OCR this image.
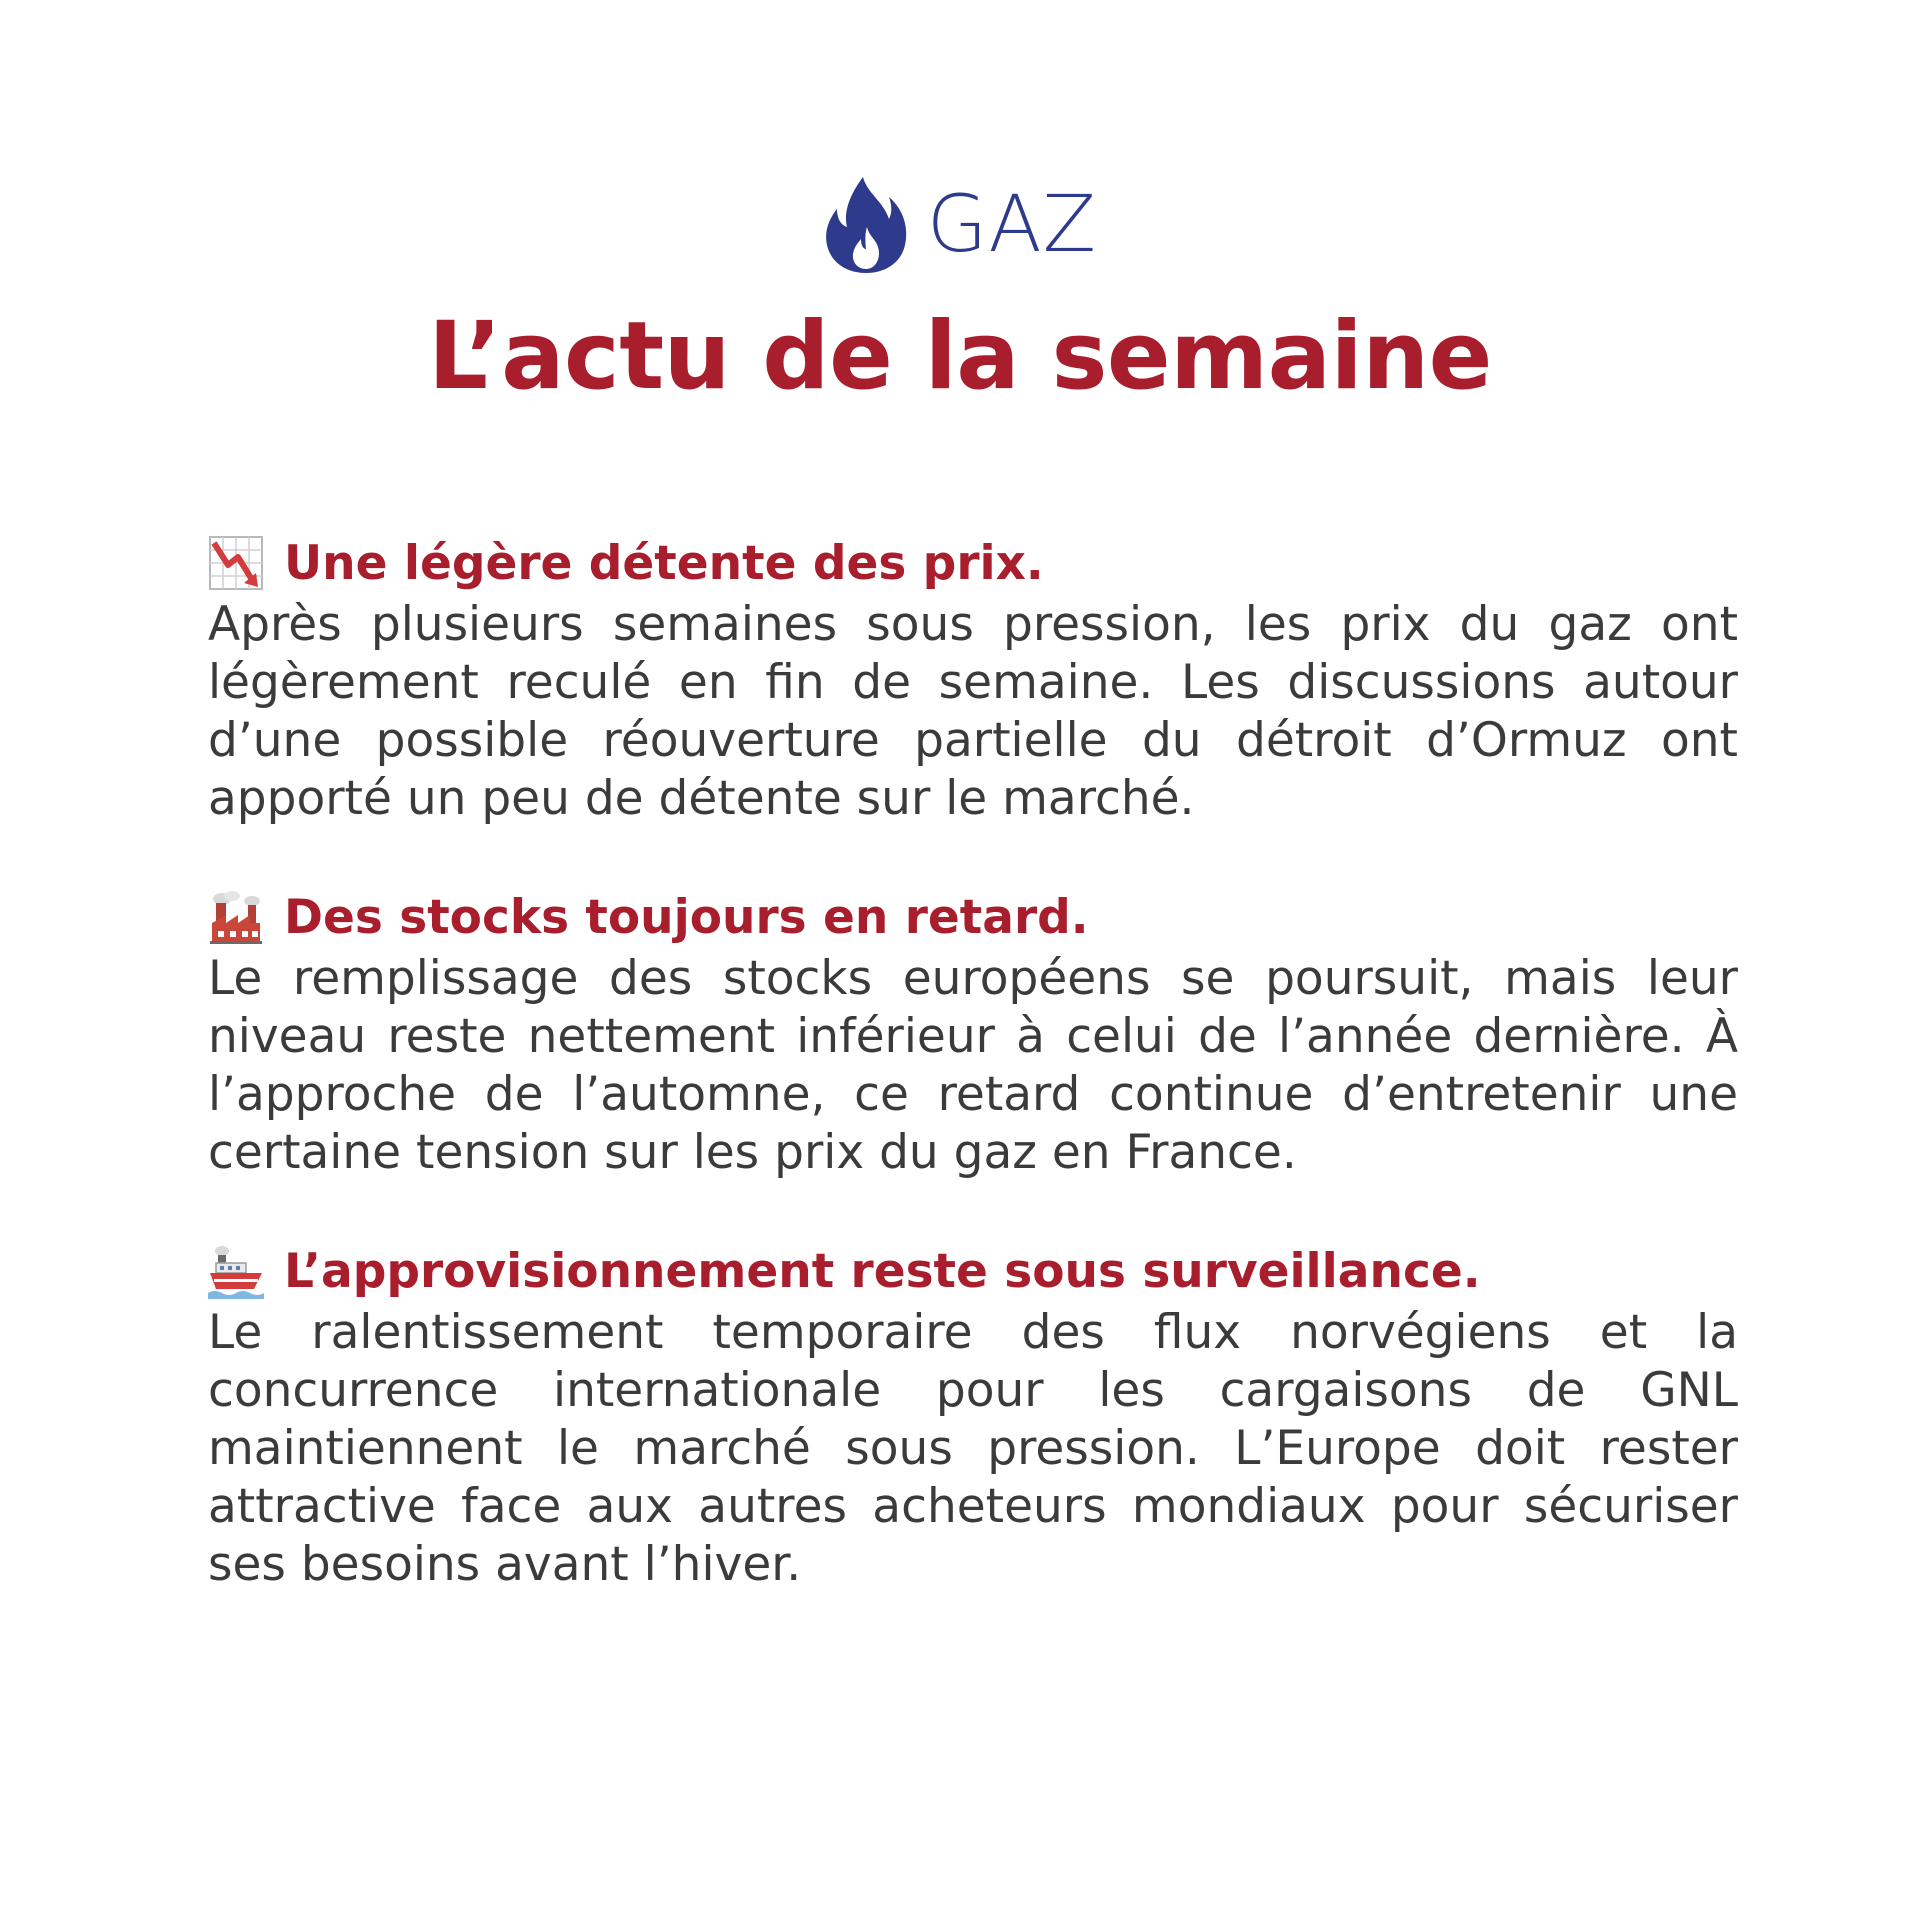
GAZ
L’actu de la semaine
Une légère détente des prix.
Après plusieurs semaines sous pression, les prix du gaz ont légèrement reculé en fin de semaine. Les discussions autour d’une possible réouverture partielle du détroit d’Ormuz ont apporté un peu de détente sur le marché.
Des stocks toujours en retard.
Le remplissage des stocks européens se poursuit, mais leur niveau reste nettement inférieur à celui de l’année dernière. À l’approche de l’automne, ce retard continue d’entretenir une certaine tension sur les prix du gaz en France.
L’approvisionnement reste sous surveillance.
Le ralentissement temporaire des flux norvégiens et la concurrence internationale pour les cargaisons de GNL maintiennent le marché sous pression. L’Europe doit rester attractive face aux autres acheteurs mondiaux pour sécuriser ses besoins avant l’hiver.
